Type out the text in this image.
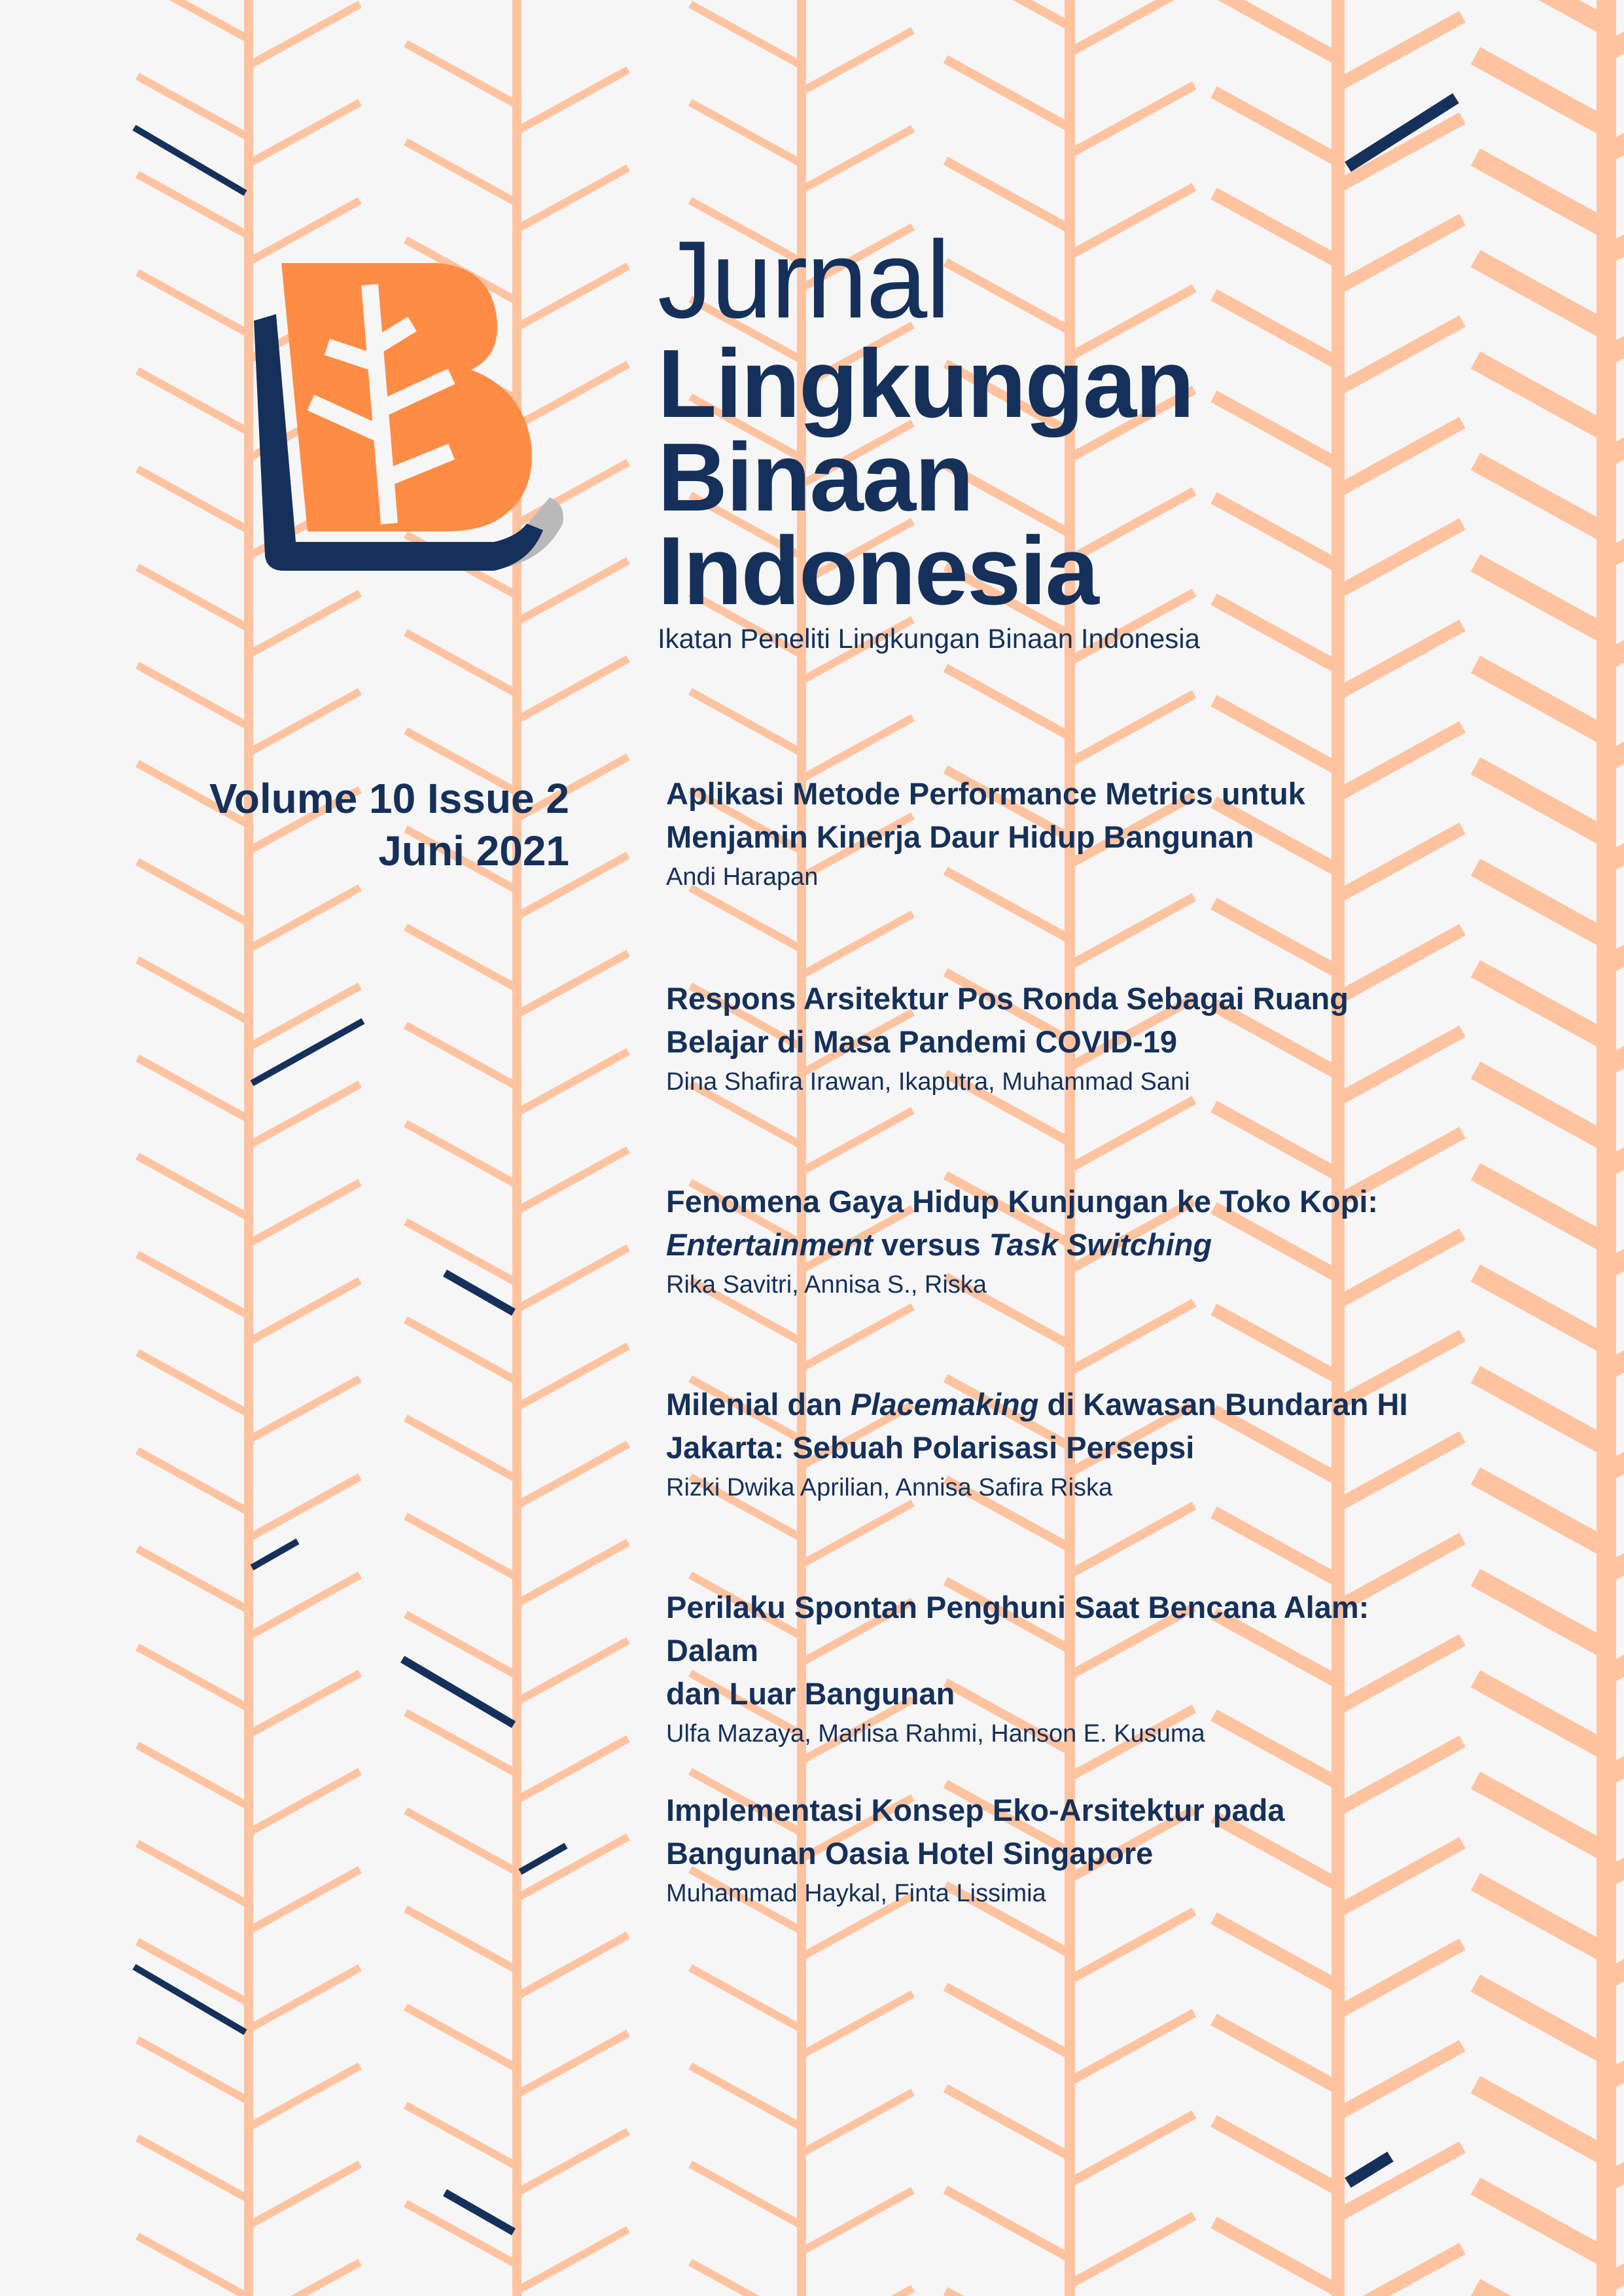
Jurnal
Lingkungan
Binaan
Indonesia
Ikatan Peneliti Lingkungan Binaan Indonesia
Volume 10 Issue 2
Juni 2021
Aplikasi Metode Performance Metrics untuk
Menjamin Kinerja Daur Hidup Bangunan
Andi Harapan
Respons Arsitektur Pos Ronda Sebagai Ruang
Belajar di Masa Pandemi COVID-19
Dina Shafira Irawan, Ikaputra, Muhammad Sani
Fenomena Gaya Hidup Kunjungan ke Toko Kopi:
Entertainment versus Task Switching
Rika Savitri, Annisa S., Riska
Milenial dan Placemaking di Kawasan Bundaran HI
Jakarta: Sebuah Polarisasi Persepsi
Rizki Dwika Aprilian, Annisa Safira Riska
Perilaku Spontan Penghuni Saat Bencana Alam: Dalam
dan Luar Bangunan
Ulfa Mazaya, Marlisa Rahmi, Hanson E. Kusuma
Implementasi Konsep Eko-Arsitektur pada
Bangunan Oasia Hotel Singapore
Muhammad Haykal, Finta Lissimia
